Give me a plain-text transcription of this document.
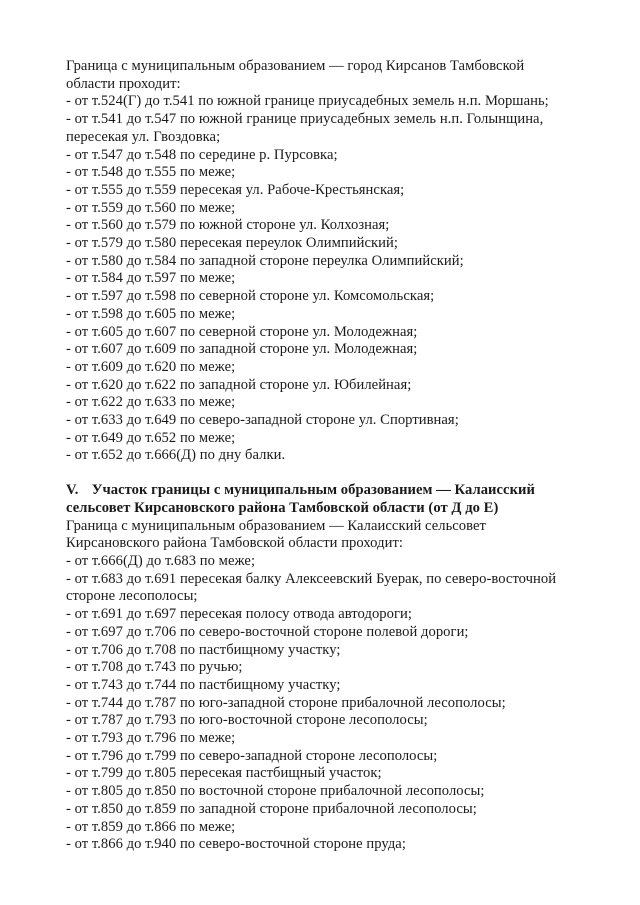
Граница с муниципальным образованием — город Кирсанов Тамбовской
области проходит:
- от т.524(Г) до т.541 по южной границе приусадебных земель н.п. Моршань;
- от т.541 до т.547 по южной границе приусадебных земель н.п. Голынщина,
пересекая ул. Гвоздовка;
- от т.547 до т.548 по середине р. Пурсовка;
- от т.548 до т.555 по меже;
- от т.555 до т.559 пересекая ул. Рабоче-Крестьянская;
- от т.559 до т.560 по меже;
- от т.560 до т.579 по южной стороне ул. Колхозная;
- от т.579 до т.580 пересекая переулок Олимпийский;
- от т.580 до т.584 по западной стороне переулка Олимпийский;
- от т.584 до т.597 по меже;
- от т.597 до т.598 по северной стороне ул. Комсомольская;
- от т.598 до т.605 по меже;
- от т.605 до т.607 по северной стороне ул. Молодежная;
- от т.607 до т.609 по западной стороне ул. Молодежная;
- от т.609 до т.620 по меже;
- от т.620 до т.622 по западной стороне ул. Юбилейная;
- от т.622 до т.633 по меже;
- от т.633 до т.649 по северо-западной стороне ул. Спортивная;
- от т.649 до т.652 по меже;
- от т.652 до т.666(Д) по дну балки.
V. Участок границы с муниципальным образованием — Калаисский сельсовет Кирсановского района Тамбовской области (от Д до Е)
Граница с муниципальным образованием — Калаисский сельсовет
Кирсановского района Тамбовской области проходит:
- от т.666(Д) до т.683 по меже;
- от т.683 до т.691 пересекая балку Алексеевский Буерак, по северо-восточной
стороне лесополосы;
- от т.691 до т.697 пересекая полосу отвода автодороги;
- от т.697 до т.706 по северо-восточной стороне полевой дороги;
- от т.706 до т.708 по пастбищному участку;
- от т.708 до т.743 по ручью;
- от т.743 до т.744 по пастбищному участку;
- от т.744 до т.787 по юго-западной стороне прибалочной лесополосы;
- от т.787 до т.793 по юго-восточной стороне лесополосы;
- от т.793 до т.796 по меже;
- от т.796 до т.799 по северо-западной стороне лесополосы;
- от т.799 до т.805 пересекая пастбищный участок;
- от т.805 до т.850 по восточной стороне прибалочной лесополосы;
- от т.850 до т.859 по западной стороне прибалочной лесополосы;
- от т.859 до т.866 по меже;
- от т.866 до т.940 по северо-восточной стороне пруда;
